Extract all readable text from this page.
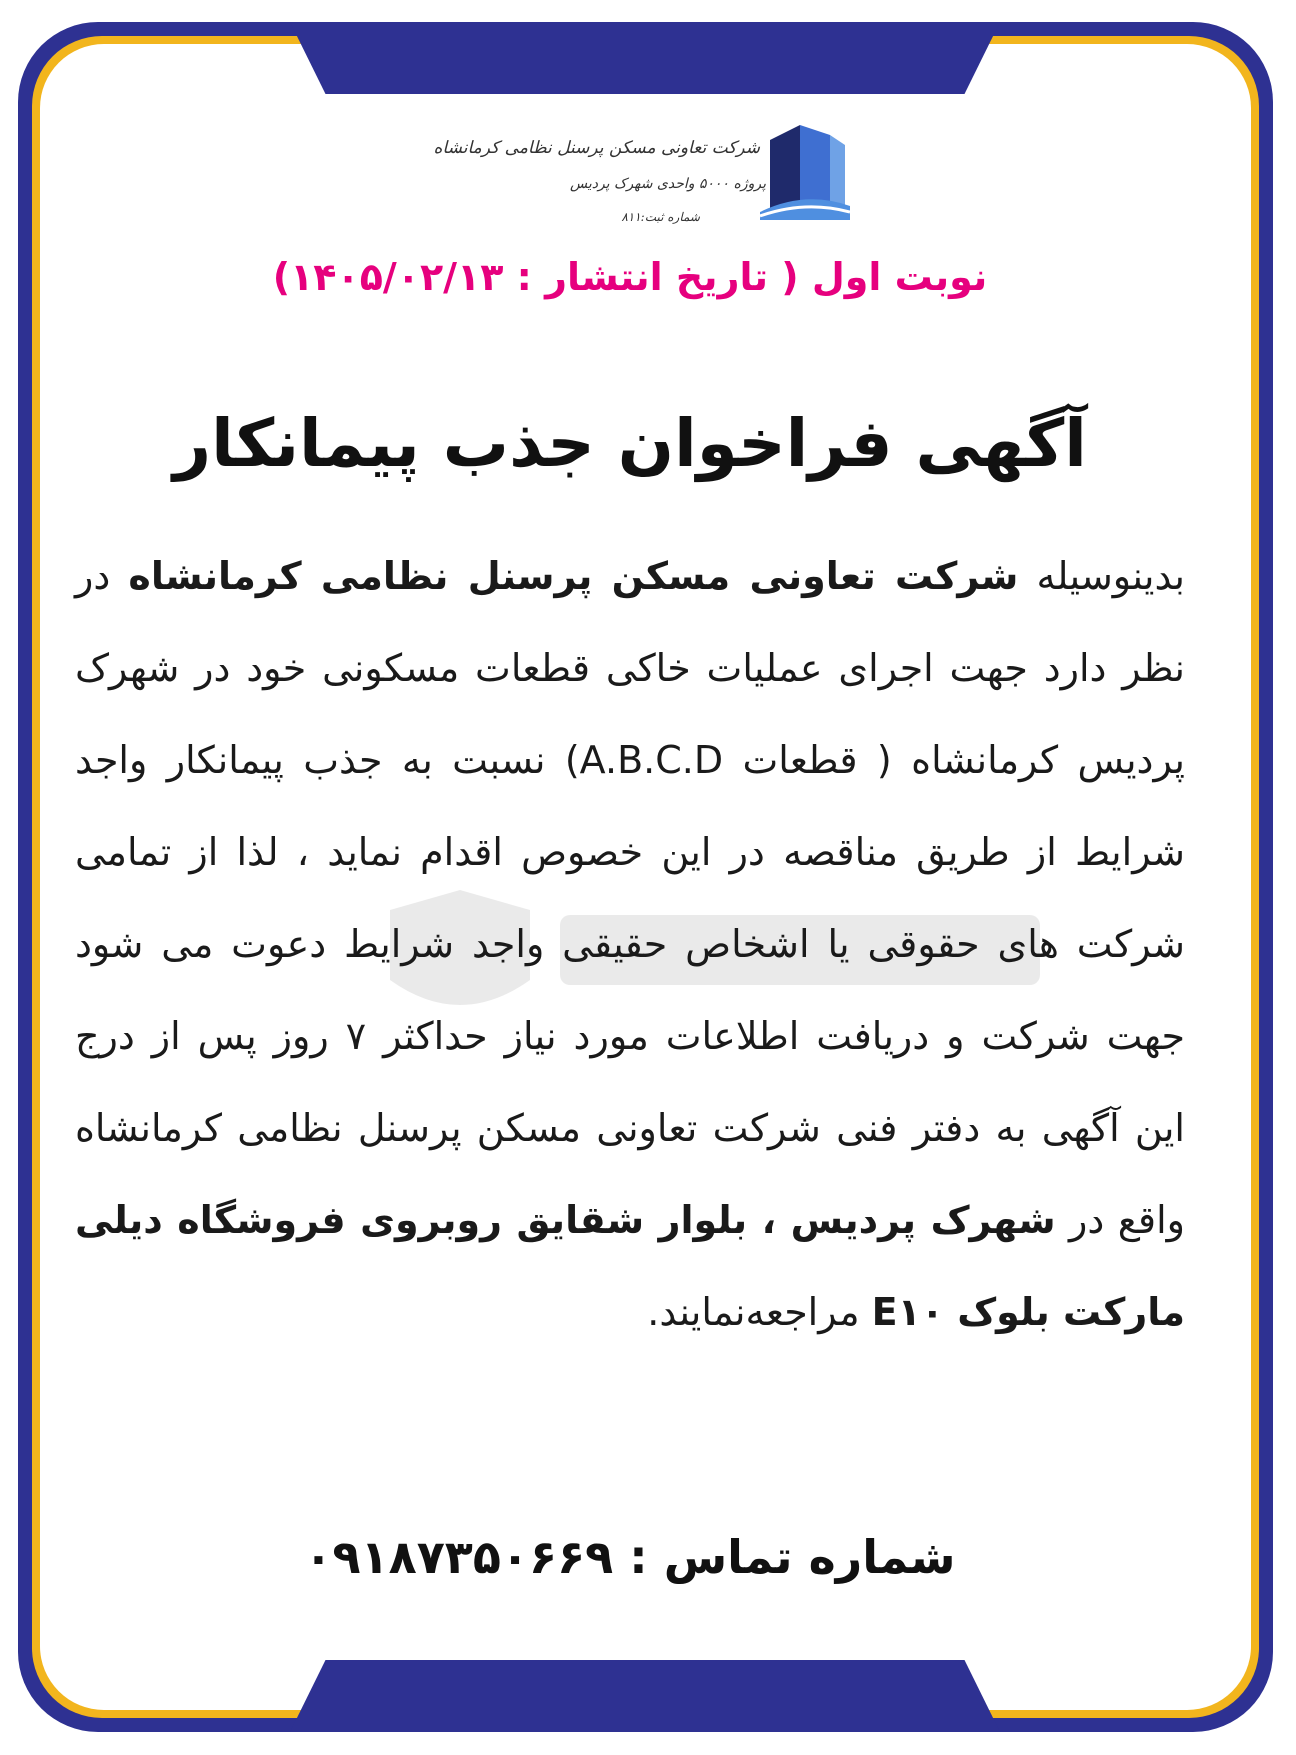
شرکت تعاونی مسکن پرسنل نظامی کرمانشاه
پروژه ۵۰۰۰ واحدی شهرک پردیس
شماره ثبت:۸۱۱
نوبت اول ( تاریخ انتشار : ۱۴۰۵/۰۲/۱۳)
آگهی فراخوان جذب پیمانکار
بدینوسیله شرکت تعاونی مسکن پرسنل نظامی کرمانشاه در نظر دارد جهت اجرای عملیات خاکی قطعات مسکونی خود در شهرک پردیس کرمانشاه ( قطعات A.B.C.D) نسبت به جذب پیمانکار واجد شرایط از طریق مناقصه در این خصوص اقدام نماید ، لذا از تمامی شرکت های حقوقی یا اشخاص حقیقی واجد شرایط دعوت می شود جهت شرکت و دریافت اطلاعات مورد نیاز حداکثر ۷ روز پس از درج این آگهی به دفتر فنی شرکت تعاونی مسکن پرسنل نظامی کرمانشاه واقع در شهرک پردیس ، بلوار شقایق روبروی فروشگاه دیلی مارکت بلوک E۱۰ مراجعه‌نمایند.
شماره تماس : ۰۹۱۸۷۳۵۰۶۶۹
